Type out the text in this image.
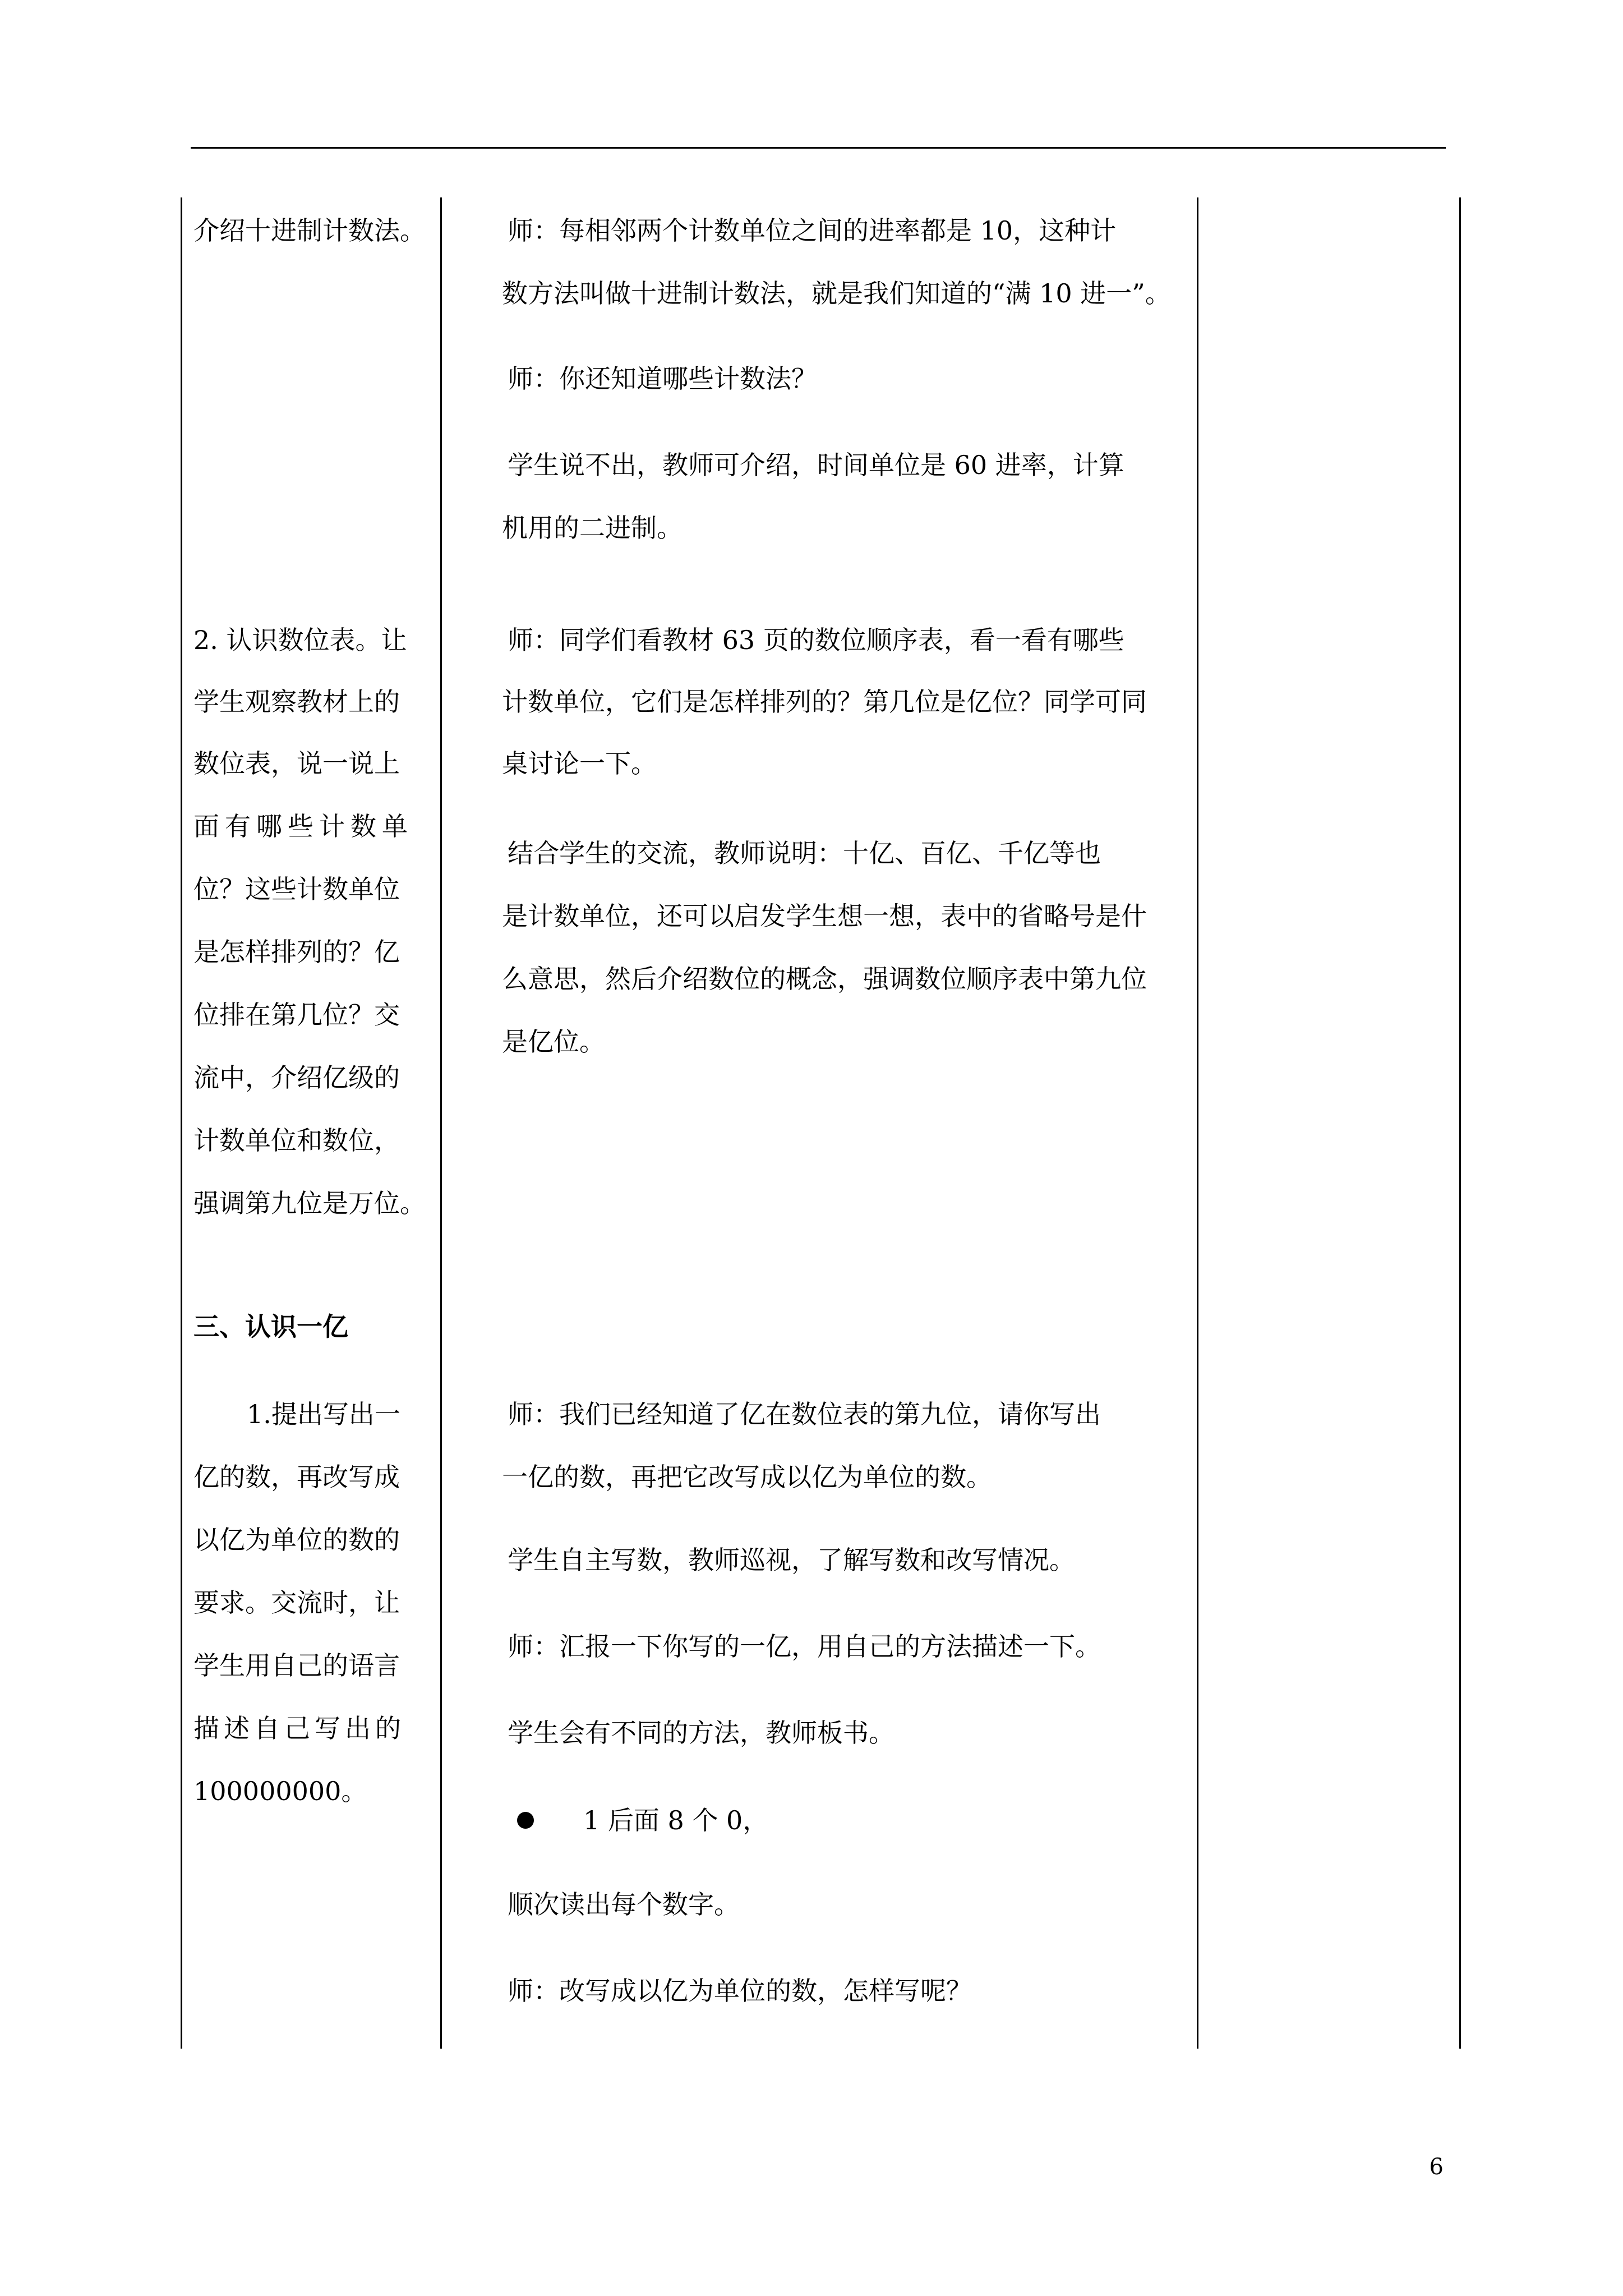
介绍十进制计数法。
2. 认识数位表。让
学生观察教材上的
数位表，说一说上
面有哪些计数单
位？这些计数单位
是怎样排列的？亿
位排在第几位？交
流中，介绍亿级的
计数单位和数位，
强调第九位是万位。
三、认识一亿
1.提出写出一
亿的数，再改写成
以亿为单位的数的
要求。交流时，让
学生用自己的语言
描述自己写出的
100000000。
师：每相邻两个计数单位之间的进率都是 10，这种计
数方法叫做十进制计数法，就是我们知道的“满 10 进一”。
师：你还知道哪些计数法？
学生说不出，教师可介绍，时间单位是 60 进率，计算
机用的二进制。
师：同学们看教材 63 页的数位顺序表，看一看有哪些
计数单位，它们是怎样排列的？第几位是亿位？同学可同
桌讨论一下。
结合学生的交流，教师说明：十亿、百亿、千亿等也
是计数单位，还可以启发学生想一想，表中的省略号是什
么意思，然后介绍数位的概念，强调数位顺序表中第九位
是亿位。
师：我们已经知道了亿在数位表的第九位，请你写出
一亿的数，再把它改写成以亿为单位的数。
学生自主写数，教师巡视，了解写数和改写情况。
师：汇报一下你写的一亿，用自己的方法描述一下。
学生会有不同的方法，教师板书。
1 后面 8 个 0，
顺次读出每个数字。
师：改写成以亿为单位的数，怎样写呢？
6
